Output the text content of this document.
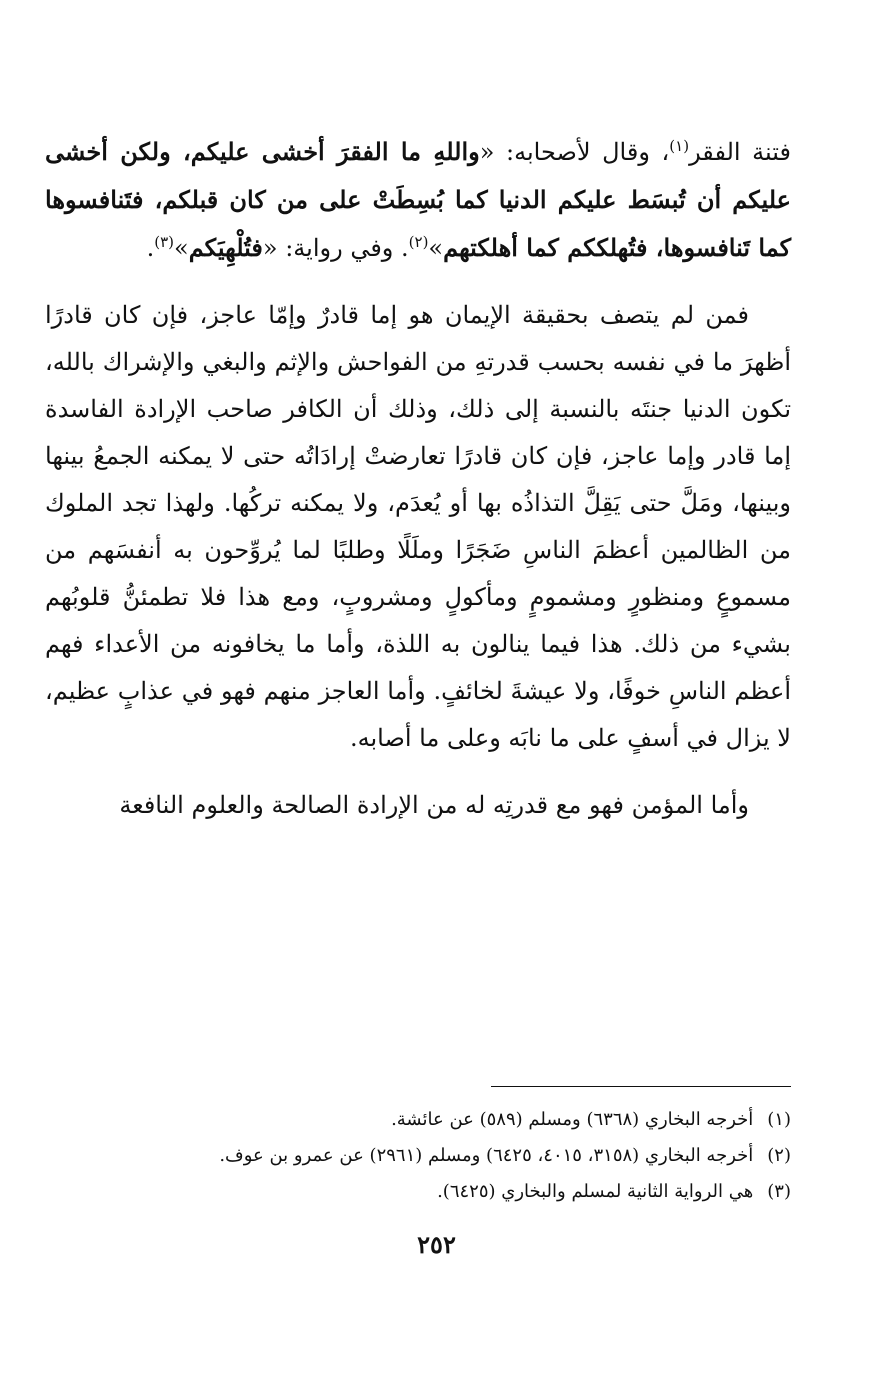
فتنة الفقر$^{(١)}$، وقال لأصحابه: «واللهِ ما الفقرَ أخشى عليكم، ولكن أخشى عليكم أن تُبسَط عليكم الدنيا كما بُسِطَتْ على من كان قبلكم، فتَنافسوها كما تَنافسوها، فتُهلككم كما أهلكتهم»$^{(٢)}$. وفي رواية: «فتُلْهِيَكم»$^{(٣)}$.

فمن لم يتصف بحقيقة الإيمان هو إما قادرٌ وإمّا عاجز، فإن كان قادرًا أظهرَ ما في نفسه بحسب قدرتهِ من الفواحش والإثم والبغي والإشراك بالله، تكون الدنيا جنتَه بالنسبة إلى ذلك، وذلك أن الكافر صاحب الإرادة الفاسدة إما قادر وإما عاجز، فإن كان قادرًا تعارضتْ إرادَاتُه حتى لا يمكنه الجمعُ بينها وبينها، ومَلَّ حتى يَقِلَّ التذاذُه بها أو يُعدَم، ولا يمكنه تركُها. ولهذا تجد الملوك من الظالمين أعظمَ الناسِ ضَجَرًا وملَلًا وطلبًا لما يُروِّحون به أنفسَهم من مسموعٍ ومنظورٍ ومشمومٍ ومأكولٍ ومشروبٍ، ومع هذا فلا تطمئنُّ قلوبُهم بشيء من ذلك. هذا فيما ينالون به اللذة، وأما ما يخافونه من الأعداء فهم أعظم الناسِ خوفًا، ولا عيشةَ لخائفٍ. وأما العاجز منهم فهو في عذابٍ عظيم، لا يزال في أسفٍ على ما نابَه وعلى ما أصابه.

وأما المؤمن فهو مع قدرتِه له من الإرادة الصالحة والعلوم النافعة

(١)
أخرجه البخاري (٦٣٦٨) ومسلم (٥٨٩) عن عائشة.
(٢)
أخرجه البخاري (٣١٥٨، ٤٠١٥، ٦٤٢٥) ومسلم (٢٩٦١) عن عمرو بن عوف.
(٣)
هي الرواية الثانية لمسلم والبخاري (٦٤٢٥).
٢٥٢
